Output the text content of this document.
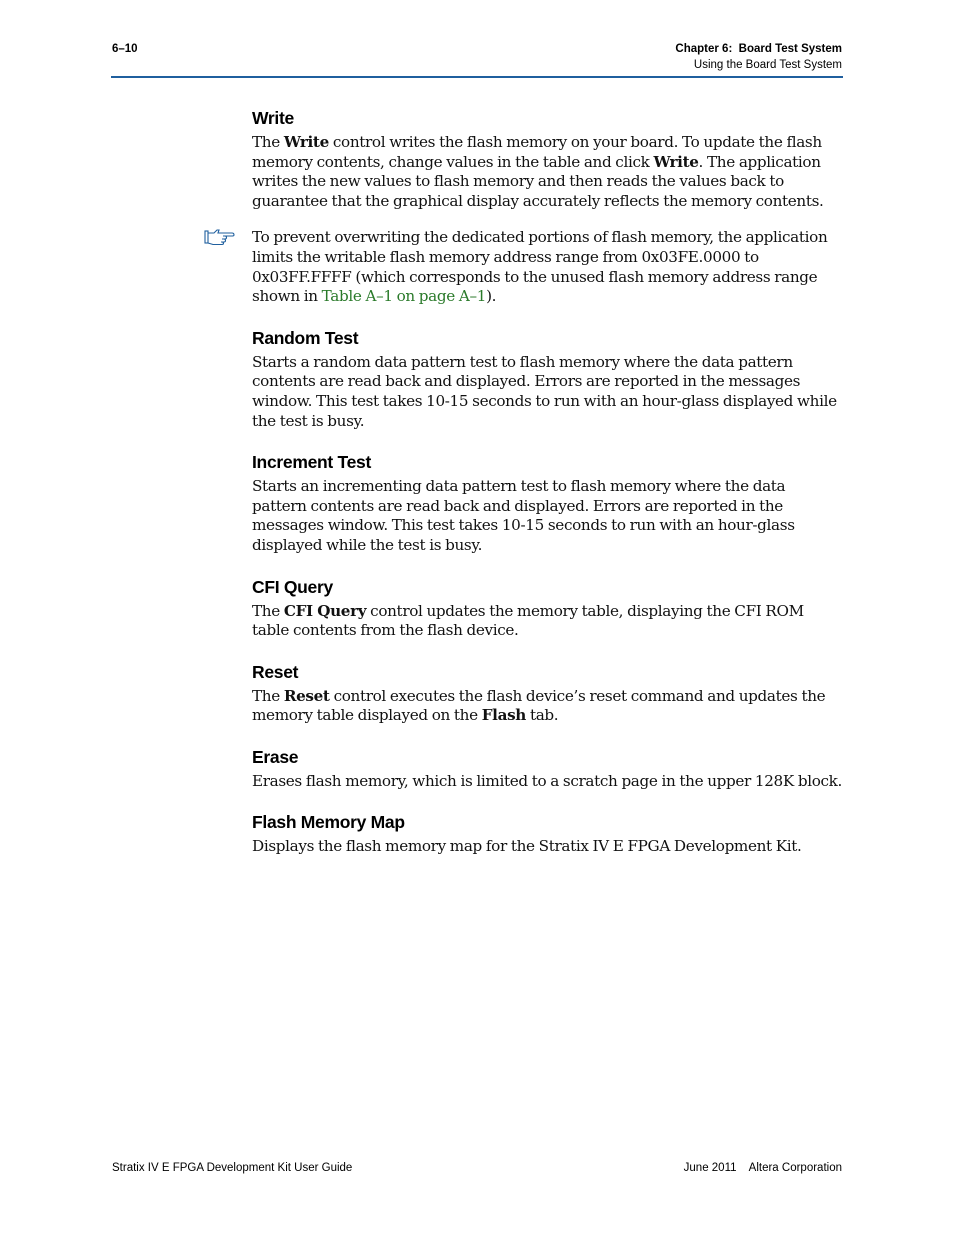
6–10	Chapter 6:  Board Test System
Using the Board Test System
Write

The Write control writes the flash memory on your board. To update the flash memory contents, change values in the table and click Write. The application writes the new values to flash memory and then reads the values back to guarantee that the graphical display accurately reflects the memory contents.

To prevent overwriting the dedicated portions of flash memory, the application limits the writable flash memory address range from 0x03FE.0000 to 0x03FF.FFFF (which corresponds to the unused flash memory address range shown in Table A–1 on page A–1).

Random Test

Starts a random data pattern test to flash memory where the data pattern contents are read back and displayed. Errors are reported in the messages window. This test takes 10-15 seconds to run with an hour-glass displayed while the test is busy.

Increment Test

Starts an incrementing data pattern test to flash memory where the data pattern contents are read back and displayed. Errors are reported in the messages window. This test takes 10-15 seconds to run with an hour-glass displayed while the test is busy.

CFI Query

The CFI Query control updates the memory table, displaying the CFI ROM table contents from the flash device.

Reset

The Reset control executes the flash device’s reset command and updates the memory table displayed on the Flash tab.

Erase

Erases flash memory, which is limited to a scratch page in the upper 128K block.

Flash Memory Map

Displays the flash memory map for the Stratix IV E FPGA Development Kit.

Stratix IV E FPGA Development Kit User Guide	June 2011    Altera Corporation
